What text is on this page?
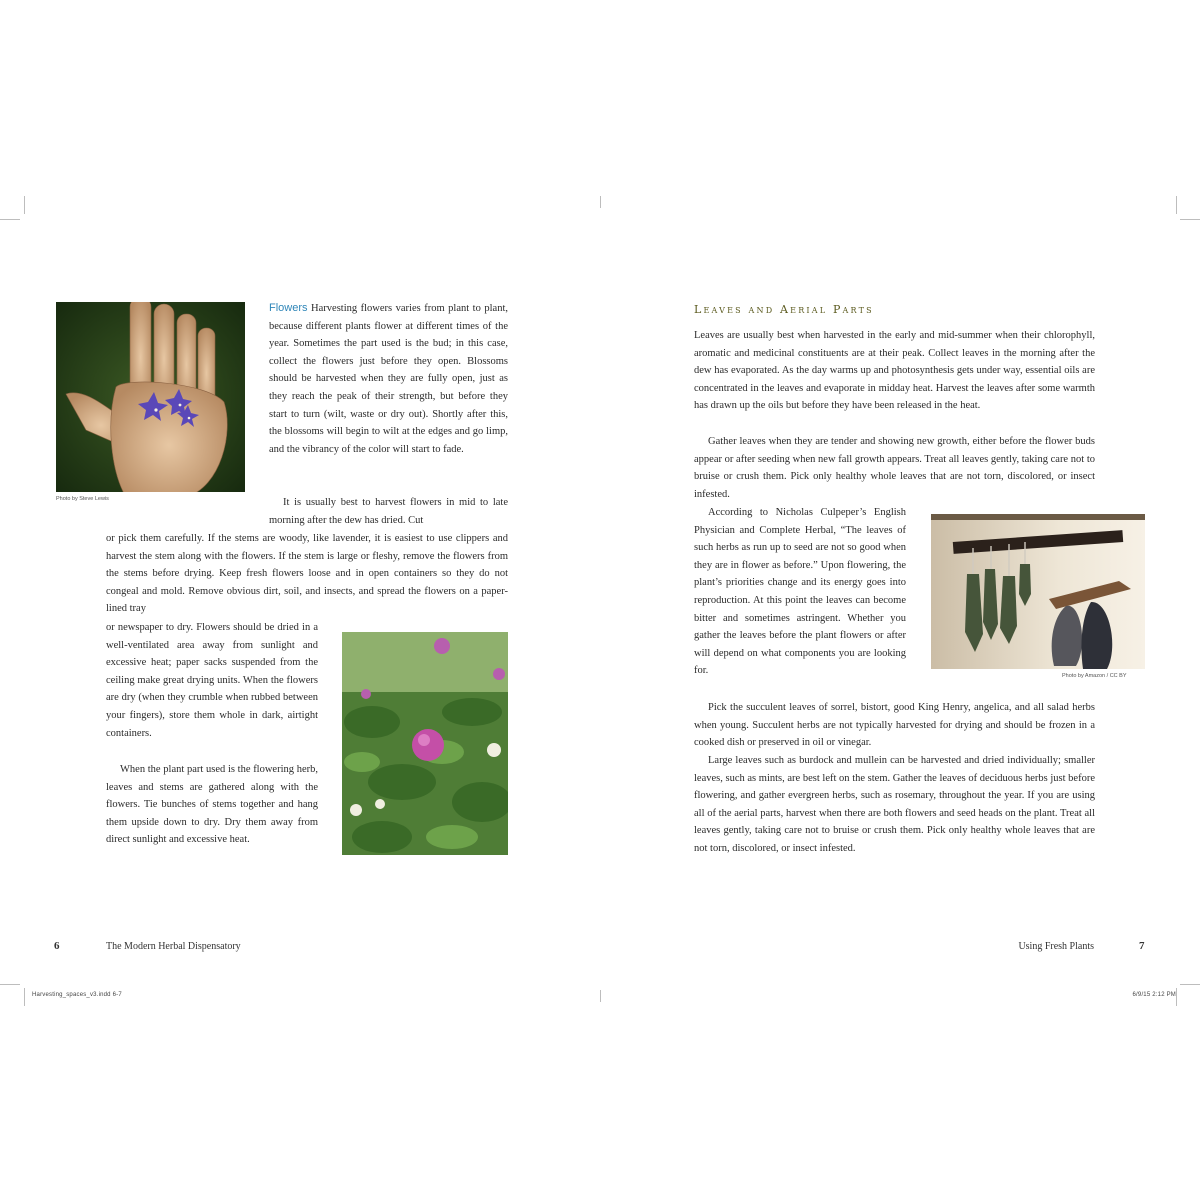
Photo by Steve Lewis

Flowers Harvesting flowers varies from plant to plant, because different plants flower at different times of the year. Sometimes the part used is the bud; in this case, collect the flowers just before they open. Blossoms should be harvested when they are fully open, just as they reach the peak of their strength, but before they start to turn (wilt, waste or dry out). Shortly after this, the blossoms will begin to wilt at the edges and go limp, and the vibrancy of the color will start to fade.

It is usually best to harvest flowers in mid to late morning after the dew has dried. Cut

or pick them carefully. If the stems are woody, like lavender, it is easiest to use clippers and harvest the stem along with the flowers. If the stem is large or fleshy, remove the flowers from the stems before drying. Keep fresh flowers loose and in open containers so they do not congeal and mold. Remove obvious dirt, soil, and insects, and spread the flowers on a paper-lined tray

or newspaper to dry. Flowers should be dried in a well-ventilated area away from sunlight and excessive heat; paper sacks suspended from the ceiling make great drying units. When the flowers are dry (when they crumble when rubbed between your fingers), store them whole in dark, airtight containers.

When the plant part used is the flowering herb, leaves and stems are gathered along with the flowers. Tie bunches of stems together and hang them upside down to dry. Dry them away from direct sunlight and excessive heat.

6	The Modern Herbal Dispensatory
Harvesting_spaces_v3.indd 6-7
Leaves and Aerial Parts

Leaves are usually best when harvested in the early and mid-summer when their chlorophyll, aromatic and medicinal constituents are at their peak. Collect leaves in the morning after the dew has evaporated. As the day warms up and photosynthesis gets under way, essential oils are concentrated in the leaves and evaporate in midday heat. Harvest the leaves after some warmth has drawn up the oils but before they have been released in the heat.

Gather leaves when they are tender and showing new growth, either before the flower buds appear or after seeding when new fall growth appears. Treat all leaves gently, taking care not to bruise or crush them. Pick only healthy whole leaves that are not torn, discolored, or insect infested.

According to Nicholas Culpeper’s English Physician and Complete Herbal, “The leaves of such herbs as run up to seed are not so good when they are in flower as before.” Upon flowering, the plant’s priorities change and its energy goes into reproduction. At this point the leaves can become bitter and sometimes astringent. Whether you gather the leaves before the plant flowers or after will depend on what components you are looking for.	Photo by Amazon / CC BY

Pick the succulent leaves of sorrel, bistort, good King Henry, angelica, and all salad herbs when young. Succulent herbs are not typically harvested for drying and should be frozen in a cooked dish or preserved in oil or vinegar.

Large leaves such as burdock and mullein can be harvested and dried individually; smaller leaves, such as mints, are best left on the stem. Gather the leaves of deciduous herbs just before flowering, and gather evergreen herbs, such as rosemary, throughout the year. If you are using all of the aerial parts, harvest when there are both flowers and seed heads on the plant. Treat all leaves gently, taking care not to bruise or crush them. Pick only healthy whole leaves that are not torn, discolored, or insect infested.

Using Fresh Plants	7
6/9/15 2:12 PM
